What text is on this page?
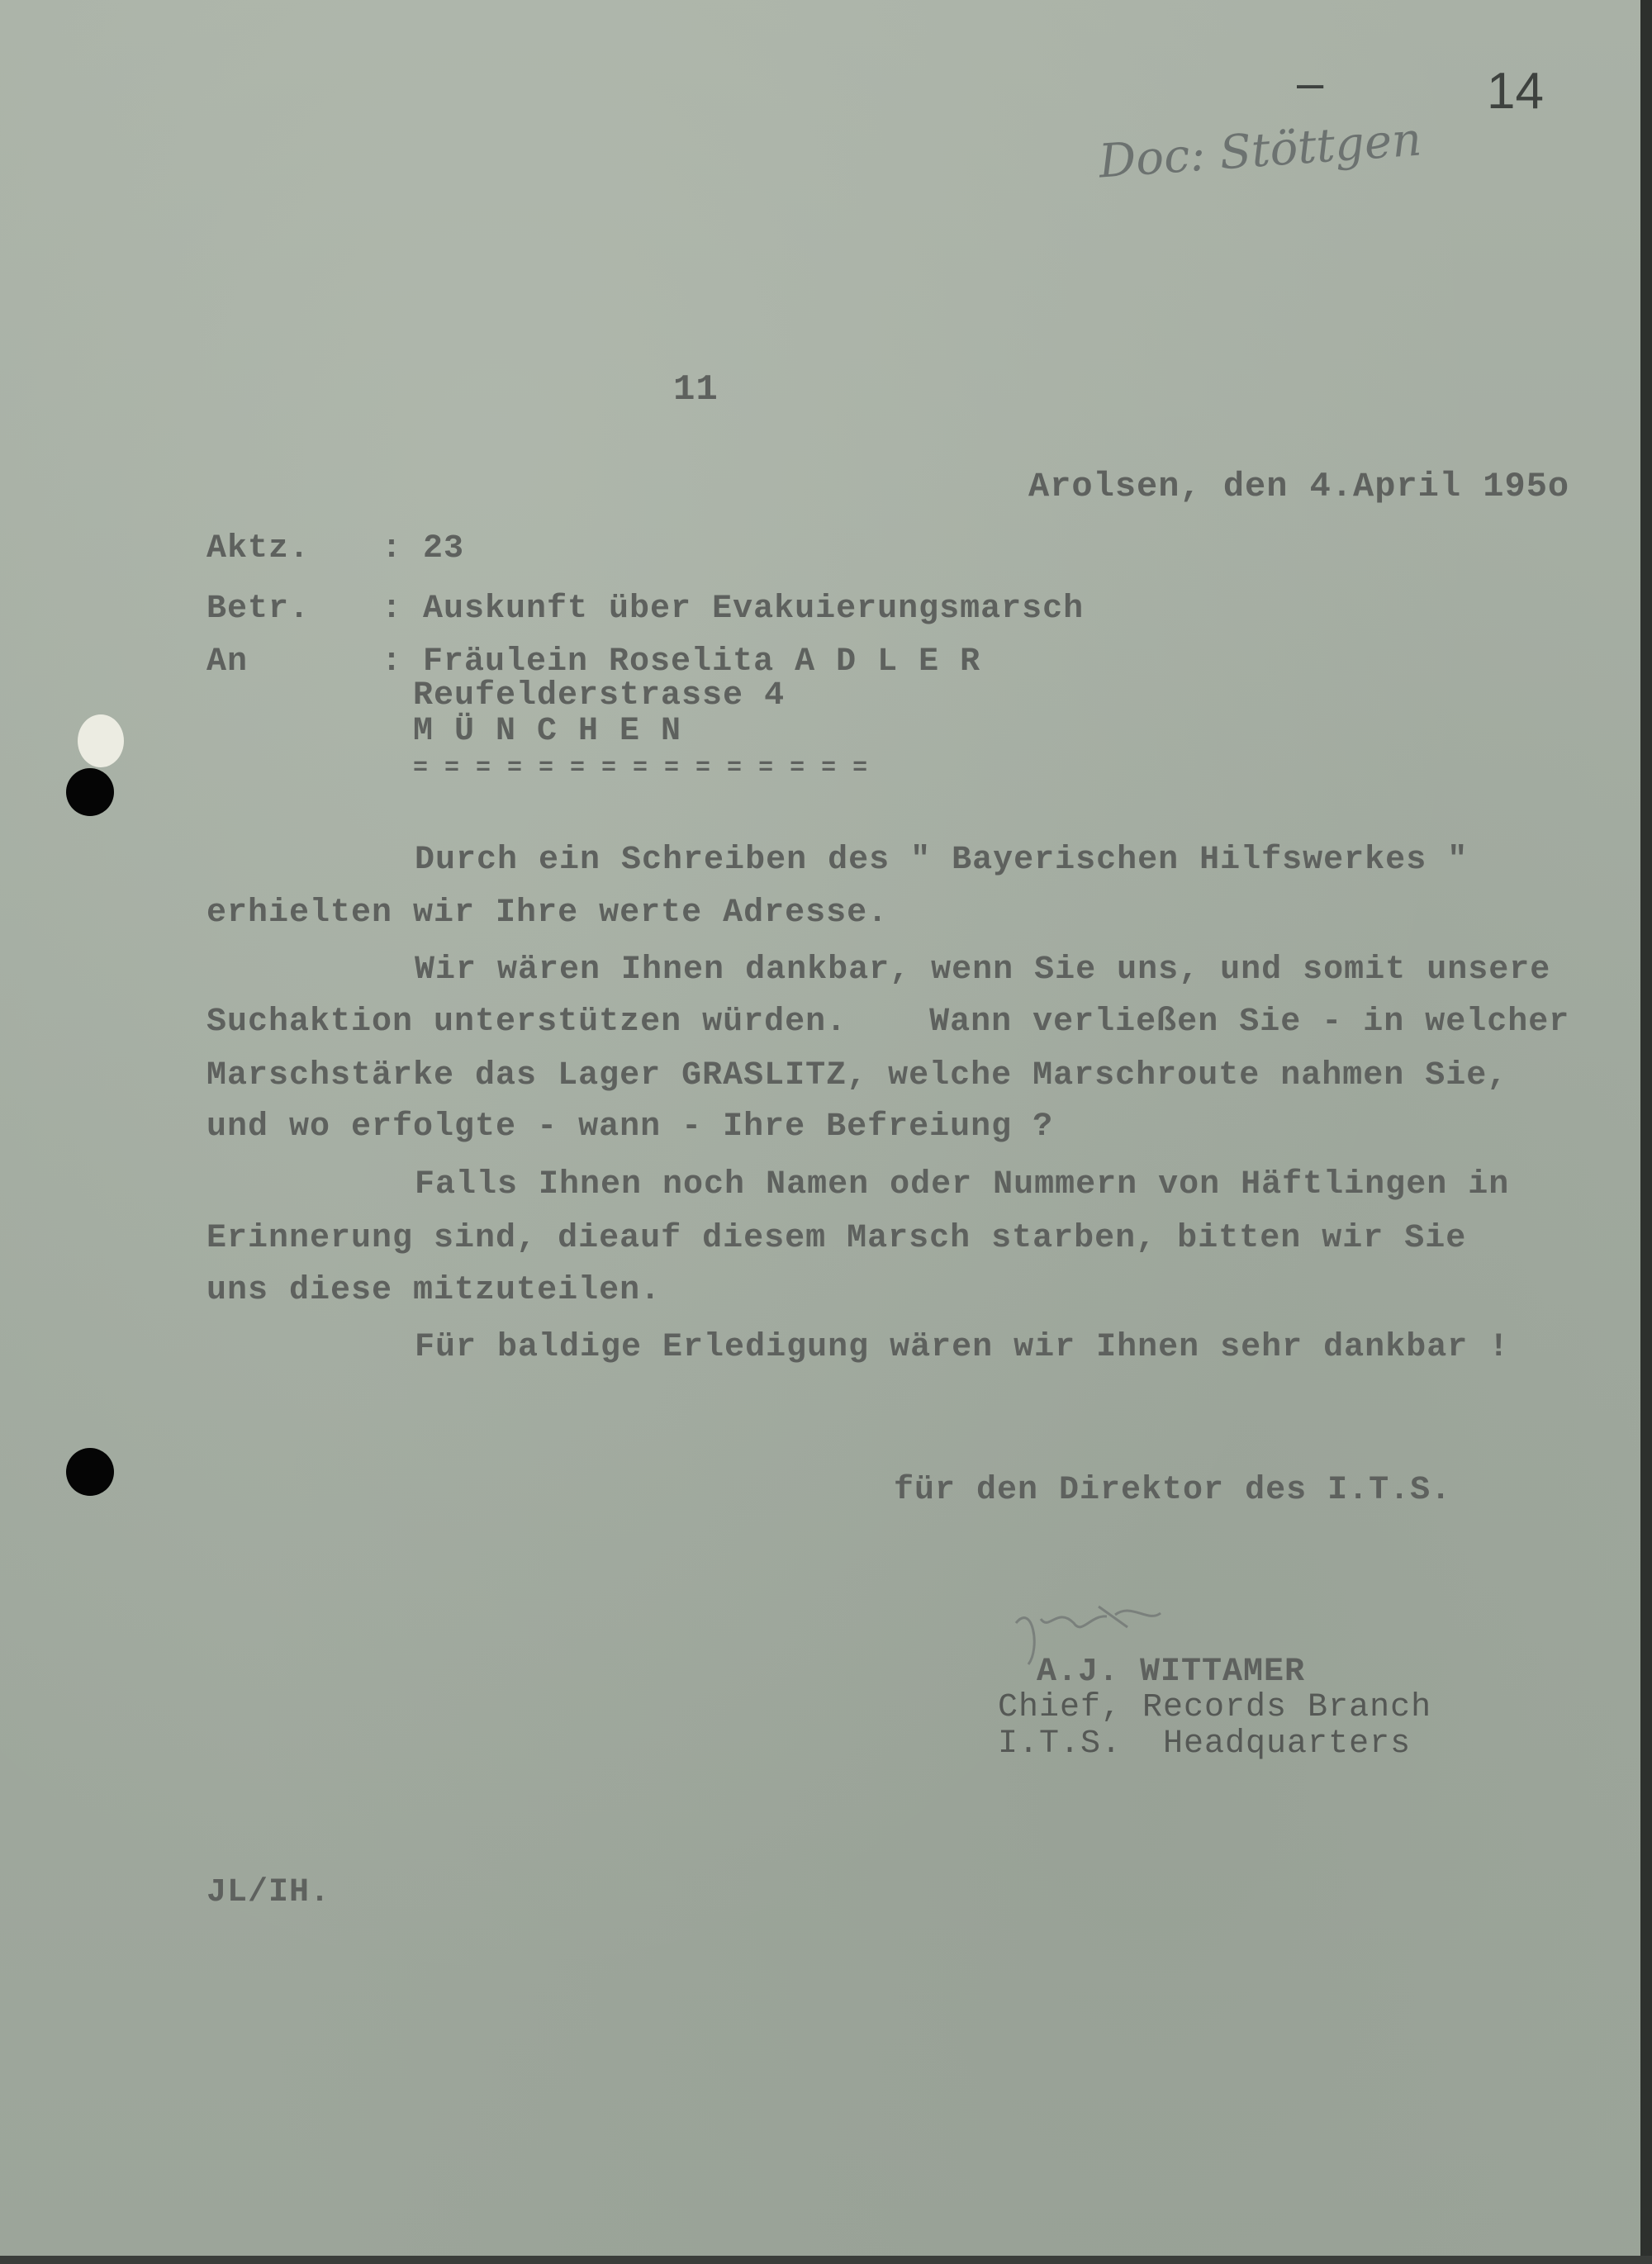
–	14
Doc: Stöttgen
11
Arolsen, den 4.April 195o
Aktz. : 23
Betr. : Auskunft über Evakuierungsmarsch
An	: Fräulein Roselita A D L E R
Reufelderstrasse 4
M Ü N C H E N
= = = = = = = = = = = = = = =
Durch ein Schreiben des " Bayerischen Hilfswerkes "
erhielten wir Ihre werte Adresse.
Wir wären Ihnen dankbar, wenn Sie uns, und somit unsere
Suchaktion unterstützen würden.    Wann verließen Sie - in welcher
Marschstärke das Lager GRASLITZ, welche Marschroute nahmen Sie,
und wo erfolgte - wann - Ihre Befreiung ?
Falls Ihnen noch Namen oder Nummern von Häftlingen in
Erinnerung sind, dieauf diesem Marsch starben, bitten wir Sie
uns diese mitzuteilen.
Für baldige Erledigung wären wir Ihnen sehr dankbar !
für den Direktor des I.T.S.
A.J. WITTAMER
Chief, Records Branch
I.T.S.  Headquarters
JL/IH.
